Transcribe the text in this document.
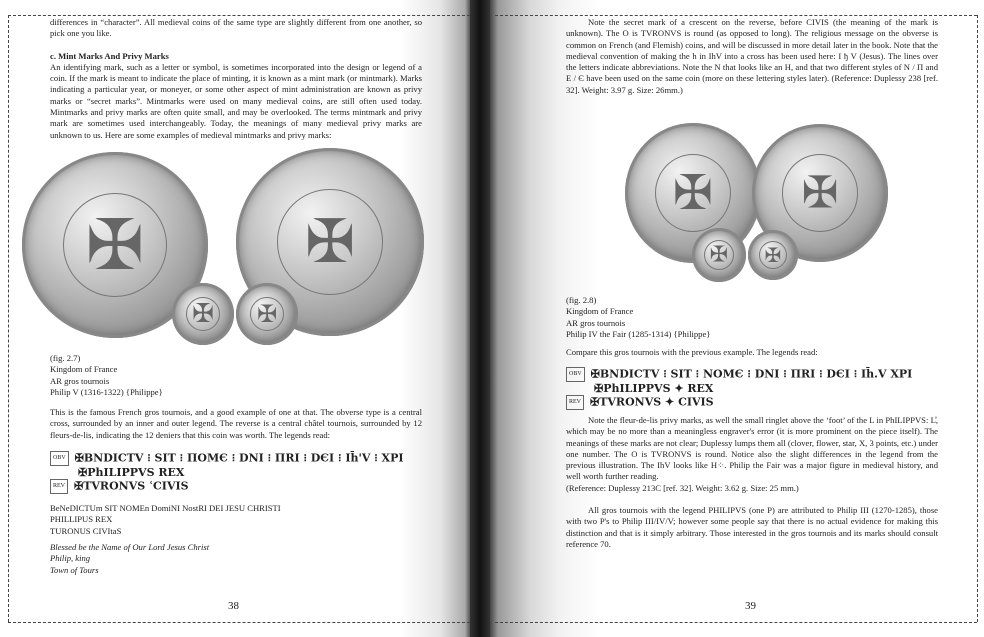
differences in “character”. All medieval coins of the same type are slightly different from one another, so pick one you like.

c. Mint Marks And Privy Marks

An identifying mark, such as a letter or symbol, is sometimes incorporated into the design or legend of a coin. If the mark is meant to indicate the place of minting, it is known as a mint mark (or mintmark). Marks indicating a particular year, or moneyer, or some other aspect of mint administration are known as privy marks or “secret marks”. Mintmarks were used on many medieval coins, are still often used today. Mintmarks and privy marks are often quite small, and may be overlooked. The terms mintmark and privy mark are sometimes used interchangeably. Today, the meanings of many medieval privy marks are unknown to us. Here are some examples of medieval mintmarks and privy marks:

✠
✠
✠
✠
(fig. 2.7)
Kingdom of France
AR gros tournois
Philip V (1316-1322) {Philippe}

This is the famous French gros tournois, and a good example of one at that. The obverse type is a central cross, surrounded by an inner and outer legend. The reverse is a central châtel tournois, surrounded by 12 fleurs-de-lis, indicating the 12 deniers that this coin was worth. The legends read:

OBV ✠BNDICTV ⁝ SIT ⁝ ΠOMЄ ⁝ DNI ⁝ ΠRI ⁝ DЄI ⁝ Ih̄'V ⁝ XPI
✠PhILIPPVS REX
REV ✠TVRONVS ʿCIVIS
BeNeDICTUm SIT NOMEn DomiNI NostRI DEI JESU CHRISTI
PHILLIPUS REX
TURONUS CIVItaS
Blessed be the Name of Our Lord Jesus Christ
Philip, king
Town of Tours
38

Note the secret mark of a crescent on the reverse, before CIVIS (the meaning of the mark is unknown). The O is TVRONVS is round (as opposed to long). The religious message on the obverse is common on French (and Flemish) coins, and will be discussed in more detail later in the book. Note that the medieval convention of making the h in IhV into a cross has been used here: I ђ V (Jesus). The lines over the letters indicate abbreviations. Note the N that looks like an H, and that two different styles of N / Π and E / Є have been used on the same coin (more on these lettering styles later). (Reference: Duplessy 238 [ref. 32]. Weight: 3.97 g. Size: 26mm.)

✠
✠
✠
✠
(fig. 2.8)
Kingdom of France
AR gros tournois
Philip IV the Fair (1285-1314) {Philippe}

Compare this gros tournois with the previous example. The legends read:

OBV ✠BNDICTV ⁝ SIT ⁝ NOMЄ ⁝ DNI ⁝ ΠRI ⁝ DЄI ⁝ Ih̄.V XPI
✠PhILIPPVS ✦ REX
REV ✠TVRONVS ✦ CIVIS
Note the fleur-de-lis privy marks, as well the small ringlet above the ‘foot’ of the L in PhILIPPVS: L̊, which may be no more than a meaningless engraver's error (it is more prominent on the piece itself). The meanings of these marks are not clear; Duplessy lumps them all (clover, flower, star, X, 3 points, etc.) under one number. The O is TVRONVS is round. Notice also the slight differences in the legend from the previous illustration. The IhV looks like H⁘. Philip the Fair was a major figure in medieval history, and well worth further reading.

(Reference: Duplessy 213C [ref. 32]. Weight: 3.62 g. Size: 25 mm.)

All gros tournois with the legend PHILIPVS (one P) are attributed to Philip III (1270-1285), those with two P's to Philip III/IV/V; however some people say that there is no actual evidence for making this distinction and that is it simply arbitrary. Those interested in the gros tournois and its marks should consult reference 70.

39
